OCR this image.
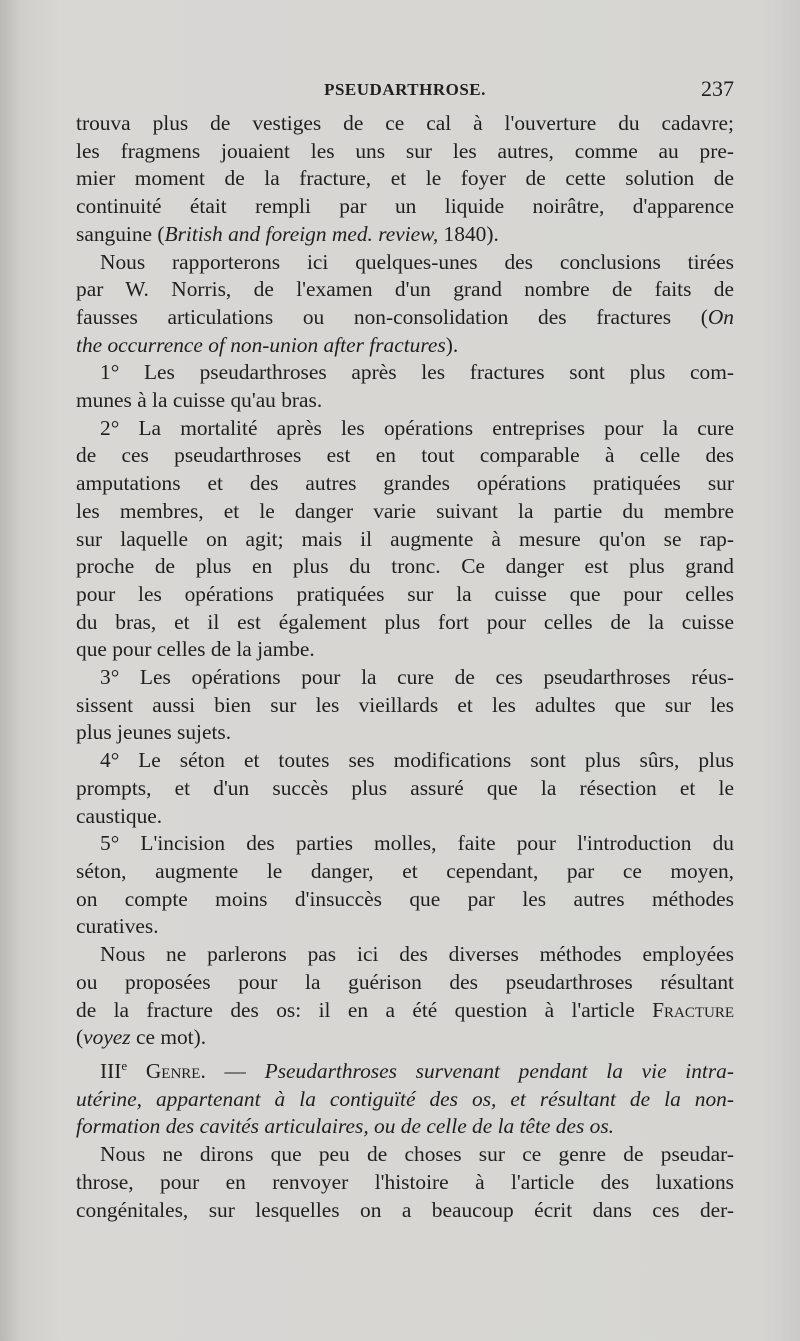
PSEUDARTHROSE.	237
trouva plus de vestiges de ce cal à l'ouverture du cadavre;
les fragmens jouaient les uns sur les autres, comme au pre-
mier moment de la fracture, et le foyer de cette solution de
continuité était rempli par un liquide noirâtre, d'apparence
sanguine (British and foreign med. review, 1840).
Nous rapporterons ici quelques-unes des conclusions tirées
par W. Norris, de l'examen d'un grand nombre de faits de
fausses articulations ou non-consolidation des fractures (On
the occurrence of non-union after fractures).
1° Les pseudarthroses après les fractures sont plus com-
munes à la cuisse qu'au bras.
2° La mortalité après les opérations entreprises pour la cure
de ces pseudarthroses est en tout comparable à celle des
amputations et des autres grandes opérations pratiquées sur
les membres, et le danger varie suivant la partie du membre
sur laquelle on agit; mais il augmente à mesure qu'on se rap-
proche de plus en plus du tronc. Ce danger est plus grand
pour les opérations pratiquées sur la cuisse que pour celles
du bras, et il est également plus fort pour celles de la cuisse
que pour celles de la jambe.
3° Les opérations pour la cure de ces pseudarthroses réus-
sissent aussi bien sur les vieillards et les adultes que sur les
plus jeunes sujets.
4° Le séton et toutes ses modifications sont plus sûrs, plus
prompts, et d'un succès plus assuré que la résection et le
caustique.
5° L'incision des parties molles, faite pour l'introduction du
séton, augmente le danger, et cependant, par ce moyen,
on compte moins d'insuccès que par les autres méthodes
curatives.
Nous ne parlerons pas ici des diverses méthodes employées
ou proposées pour la guérison des pseudarthroses résultant
de la fracture des os: il en a été question à l'article Fracture
(voyez ce mot).
IIIe Genre. — Pseudarthroses survenant pendant la vie intra-
utérine, appartenant à la contiguïté des os, et résultant de la non-
formation des cavités articulaires, ou de celle de la tête des os.
Nous ne dirons que peu de choses sur ce genre de pseudar-
throse, pour en renvoyer l'histoire à l'article des luxations
congénitales, sur lesquelles on a beaucoup écrit dans ces der-
